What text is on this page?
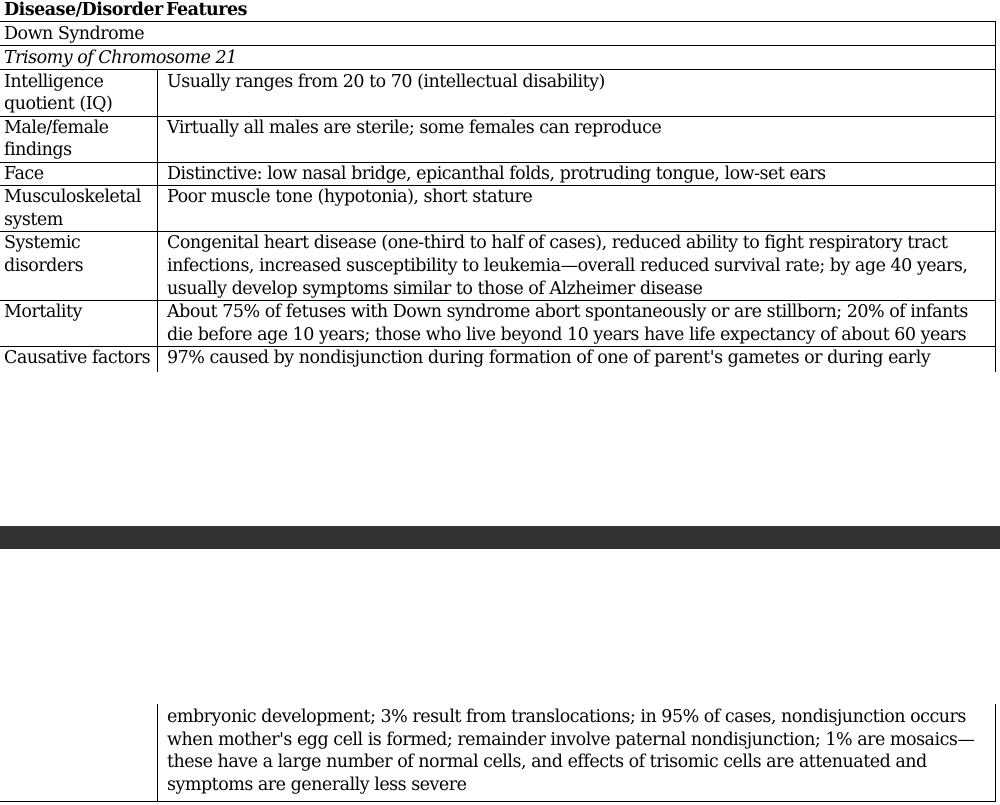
Disease/Disorder Features
Down Syndrome
Trisomy of Chromosome 21
Intelligence
quotient (IQ)
Usually ranges from 20 to 70 (intellectual disability)
Male/female
findings
Virtually all males are sterile; some females can reproduce
Face	Distinctive: low nasal bridge, epicanthal folds, protruding tongue, low-set ears
Musculoskeletal
system
Poor muscle tone (hypotonia), short stature
Systemic
disorders
Congenital heart disease (one-third to half of cases), reduced ability to fight respiratory tract
infections, increased susceptibility to leukemia—overall reduced survival rate; by age 40 years,
usually develop symptoms similar to those of Alzheimer disease
Mortality	About 75% of fetuses with Down syndrome abort spontaneously or are stillborn; 20% of infants
die before age 10 years; those who live beyond 10 years have life expectancy of about 60 years
Causative factors 97% caused by nondisjunction during formation of one of parent's gametes or during early
embryonic development; 3% result from translocations; in 95% of cases, nondisjunction occurs
when mother's egg cell is formed; remainder involve paternal nondisjunction; 1% are mosaics—
these have a large number of normal cells, and effects of trisomic cells are attenuated and
symptoms are generally less severe
